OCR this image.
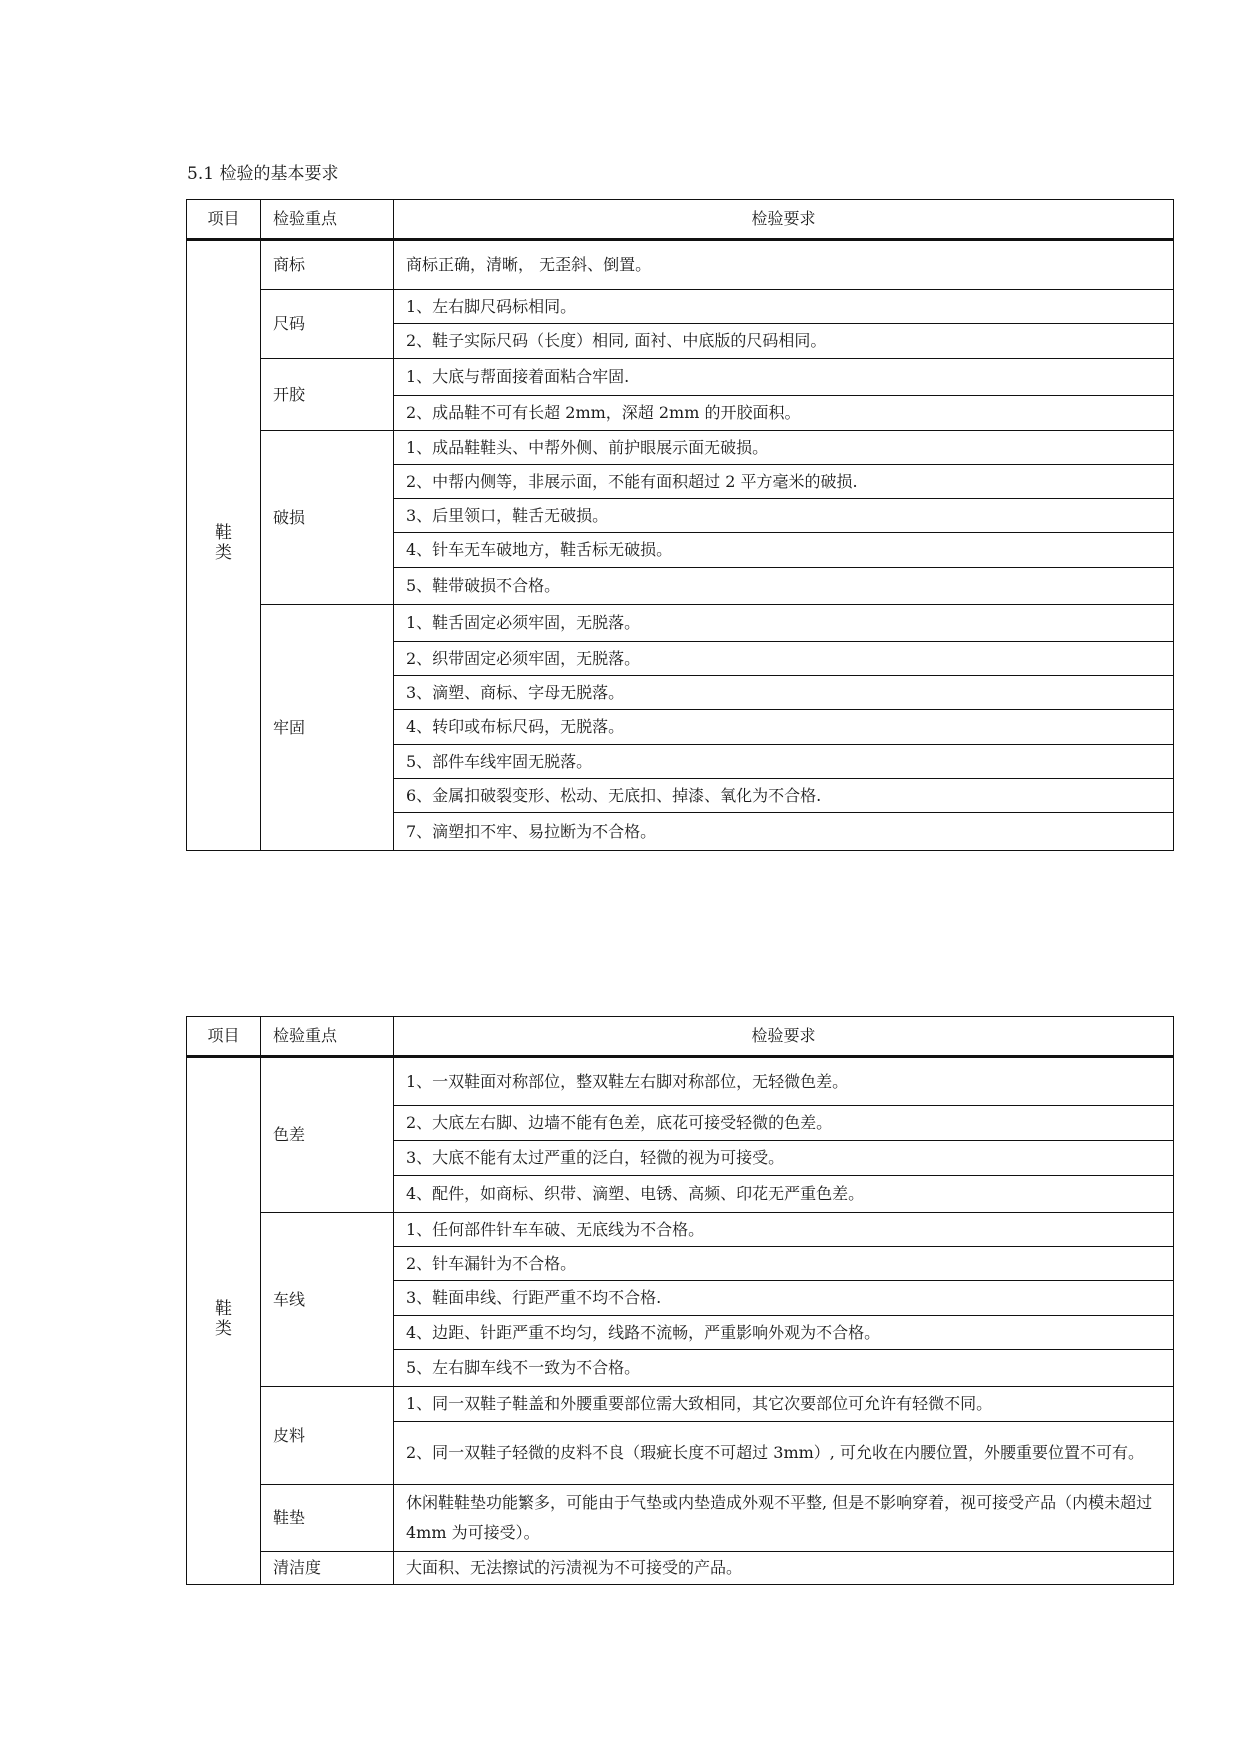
5.1 检验的基本要求
项目	检验重点	检验要求
鞋类	商标	商标正确，清晰， 无歪斜、倒置。
	尺码	1、左右脚尺码标相同。
		2、鞋子实际尺码（长度）相同, 面衬、中底版的尺码相同。
	开胶	1、大底与帮面接着面粘合牢固.
		2、成品鞋不可有长超 2mm，深超 2mm 的开胶面积。
	破损	1、成品鞋鞋头、中帮外侧、前护眼展示面无破损。
		2、中帮内侧等，非展示面，不能有面积超过 2 平方毫米的破损.
		3、后里领口，鞋舌无破损。
		4、针车无车破地方，鞋舌标无破损。
		5、鞋带破损不合格。
	牢固	1、鞋舌固定必须牢固，无脱落。
		2、织带固定必须牢固，无脱落。
		3、滴塑、商标、字母无脱落。
		4、转印或布标尺码，无脱落。
		5、部件车线牢固无脱落。
		6、金属扣破裂变形、松动、无底扣、掉漆、氧化为不合格.
		7、滴塑扣不牢、易拉断为不合格。
项目	检验重点	检验要求
鞋类	色差	1、一双鞋面对称部位，整双鞋左右脚对称部位，无轻微色差。
		2、大底左右脚、边墙不能有色差，底花可接受轻微的色差。
		3、大底不能有太过严重的泛白，轻微的视为可接受。
		4、配件，如商标、织带、滴塑、电锈、高频、印花无严重色差。
	车线	1、任何部件针车车破、无底线为不合格。
		2、针车漏针为不合格。
		3、鞋面串线、行距严重不均不合格.
		4、边距、针距严重不均匀，线路不流畅，严重影响外观为不合格。
		5、左右脚车线不一致为不合格。
	皮料	1、同一双鞋子鞋盖和外腰重要部位需大致相同，其它次要部位可允许有轻微不同。
		2、同一双鞋子轻微的皮料不良（瑕疵长度不可超过 3mm）, 可允收在内腰位置，外腰重要位置不可有。
	鞋垫	休闲鞋鞋垫功能繁多，可能由于气垫或内垫造成外观不平整, 但是不影响穿着，视可接受产品（内模未超过 4mm 为可接受）。
	清洁度	大面积、无法擦试的污渍视为不可接受的产品。
